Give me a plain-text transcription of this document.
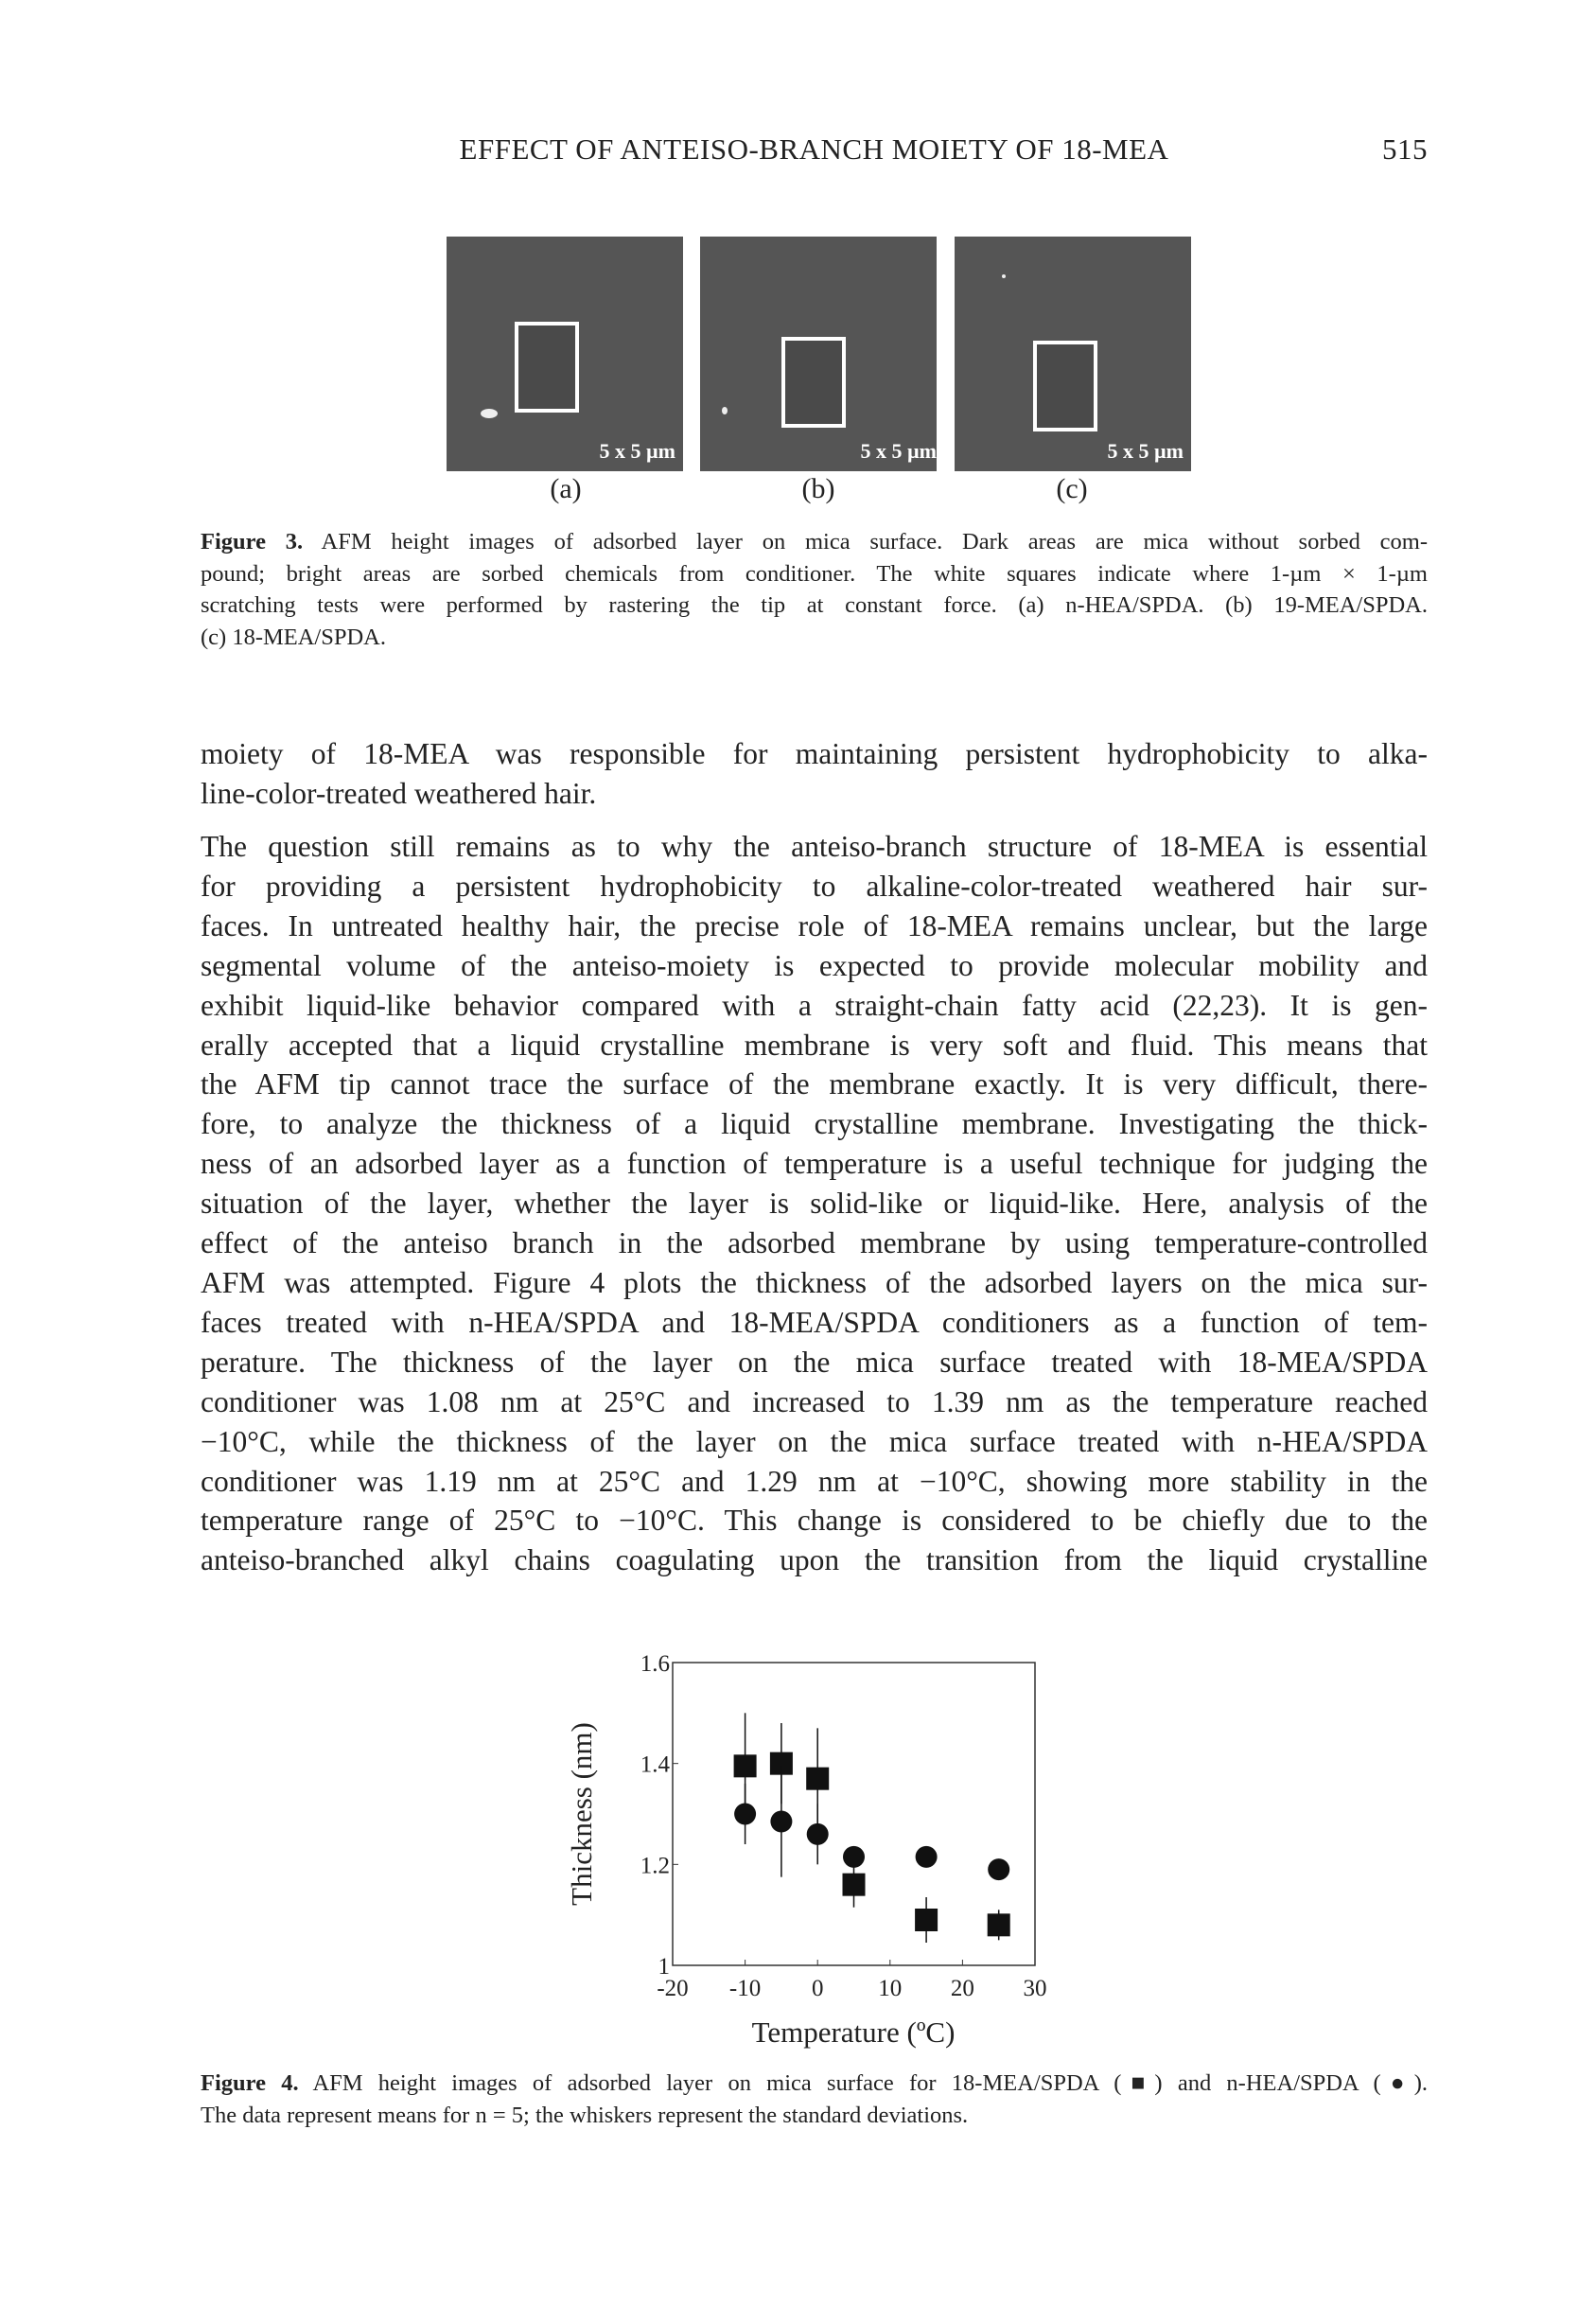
EFFECT OF ANTEISO-BRANCH MOIETY OF 18-MEA	515
5 x 5 µm	5 x 5 µm	5 x 5 µm
(a)	(b)	(c)
Figure 3. AFM height images of adsorbed layer on mica surface. Dark areas are mica without sorbed com-
pound; bright areas are sorbed chemicals from conditioner. The white squares indicate where 1-µm × 1-µm
scratching tests were performed by rastering the tip at constant force. (a) n-HEA/SPDA. (b) 19-MEA/SPDA.
(c) 18-MEA/SPDA.
moiety of 18-MEA was responsible for maintaining persistent hydrophobicity to alka-
line-color-treated weathered hair.
The question still remains as to why the anteiso-branch structure of 18-MEA is essential
for providing a persistent hydrophobicity to alkaline-color-treated weathered hair sur-
faces. In untreated healthy hair, the precise role of 18-MEA remains unclear, but the large
segmental volume of the anteiso-moiety is expected to provide molecular mobility and
exhibit liquid-like behavior compared with a straight-chain fatty acid (22,23). It is gen-
erally accepted that a liquid crystalline membrane is very soft and fluid. This means that
the AFM tip cannot trace the surface of the membrane exactly. It is very difficult, there-
fore, to analyze the thickness of a liquid crystalline membrane. Investigating the thick-
ness of an adsorbed layer as a function of temperature is a useful technique for judging the
situation of the layer, whether the layer is solid-like or liquid-like. Here, analysis of the
effect of the anteiso branch in the adsorbed membrane by using temperature-controlled
AFM was attempted. Figure 4 plots the thickness of the adsorbed layers on the mica sur-
faces treated with n-HEA/SPDA and 18-MEA/SPDA conditioners as a function of tem-
perature. The thickness of the layer on the mica surface treated with 18-MEA/SPDA
conditioner was 1.08 nm at 25°C and increased to 1.39 nm as the temperature reached
−10°C, while the thickness of the layer on the mica surface treated with n-HEA/SPDA
conditioner was 1.19 nm at 25°C and 1.29 nm at −10°C, showing more stability in the
temperature range of 25°C to −10°C. This change is considered to be chiefly due to the
anteiso-branched alkyl chains coagulating upon the transition from the liquid crystalline
-20 -10 0 10 20 30
1
1.2
1.4
1.6
Thickness (nm)
Temperature (ºC)
Figure 4. AFM height images of adsorbed layer on mica surface for 18-MEA/SPDA (■) and n-HEA/SPDA (●).
The data represent means for n = 5; the whiskers represent the standard deviations.
